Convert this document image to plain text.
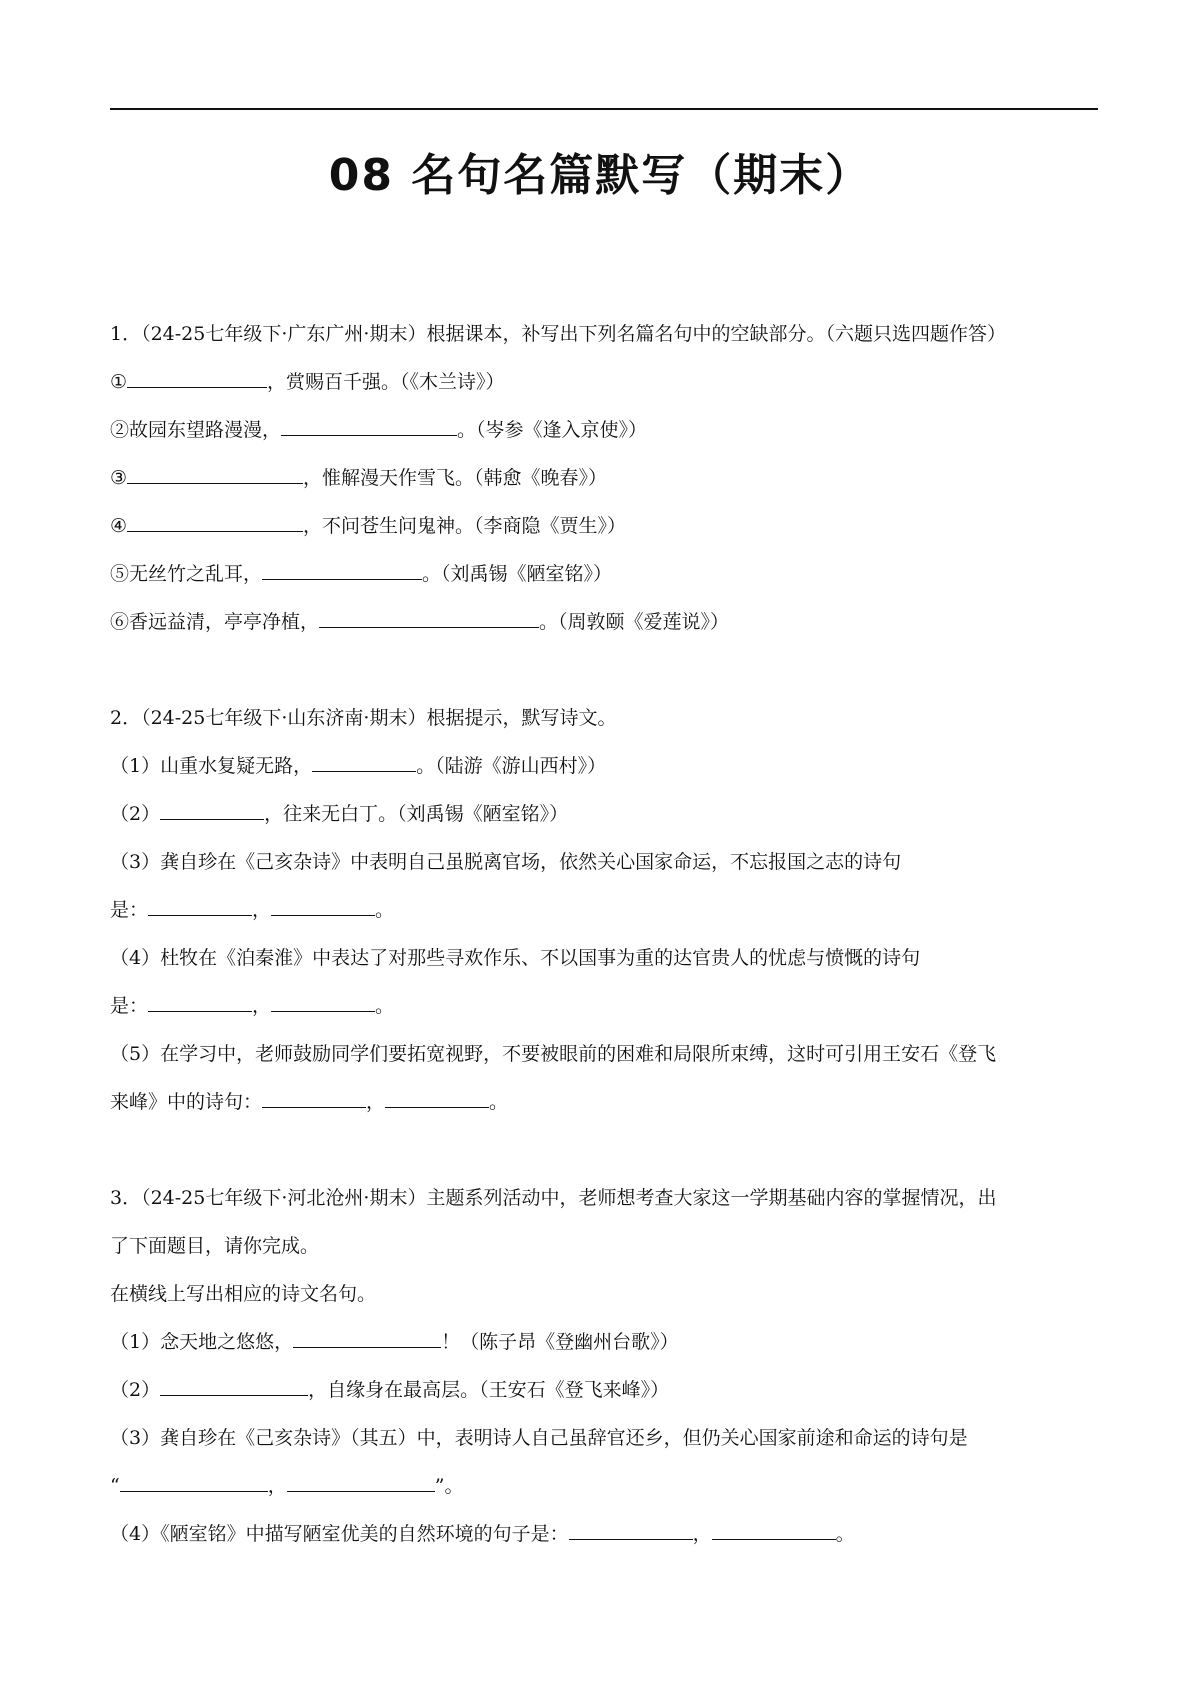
08 名句名篇默写（期末）
1．（24-25七年级下·广东广州·期末）根据课本，补写出下列名篇名句中的空缺部分。（六题只选四题作答）
①	，赏赐百千强。（《木兰诗》）
②故园东望路漫漫，	。（岑参《逢入京使》）
③	，惟解漫天作雪飞。（韩愈《晚春》）
④	，不问苍生问鬼神。（李商隐《贾生》）
⑤无丝竹之乱耳，	。（刘禹锡《陋室铭》）
⑥香远益清，亭亭净植，	。（周敦颐《爱莲说》）
2．（24-25七年级下·山东济南·期末）根据提示，默写诗文。
（1）山重水复疑无路，	。（陆游《游山西村》）
（2）	，往来无白丁。（刘禹锡《陋室铭》）
（3）龚自珍在《己亥杂诗》中表明自己虽脱离官场，依然关心国家命运，不忘报国之志的诗句
是：	，	。
（4）杜牧在《泊秦淮》中表达了对那些寻欢作乐、不以国事为重的达官贵人的忧虑与愤慨的诗句
是：	，	。
（5）在学习中，老师鼓励同学们要拓宽视野，不要被眼前的困难和局限所束缚，这时可引用王安石《登飞
来峰》中的诗句：	，	。
3．（24-25七年级下·河北沧州·期末）主题系列活动中，老师想考查大家这一学期基础内容的掌握情况，出
了下面题目，请你完成。
在横线上写出相应的诗文名句。
（1）念天地之悠悠，	！（陈子昂《登幽州台歌》）
（2）	，自缘身在最高层。（王安石《登飞来峰》）
（3）龚自珍在《己亥杂诗》（其五）中，表明诗人自己虽辞官还乡，但仍关心国家前途和命运的诗句是
“	，	”。
（4）《陋室铭》中描写陋室优美的自然环境的句子是：	，	。
